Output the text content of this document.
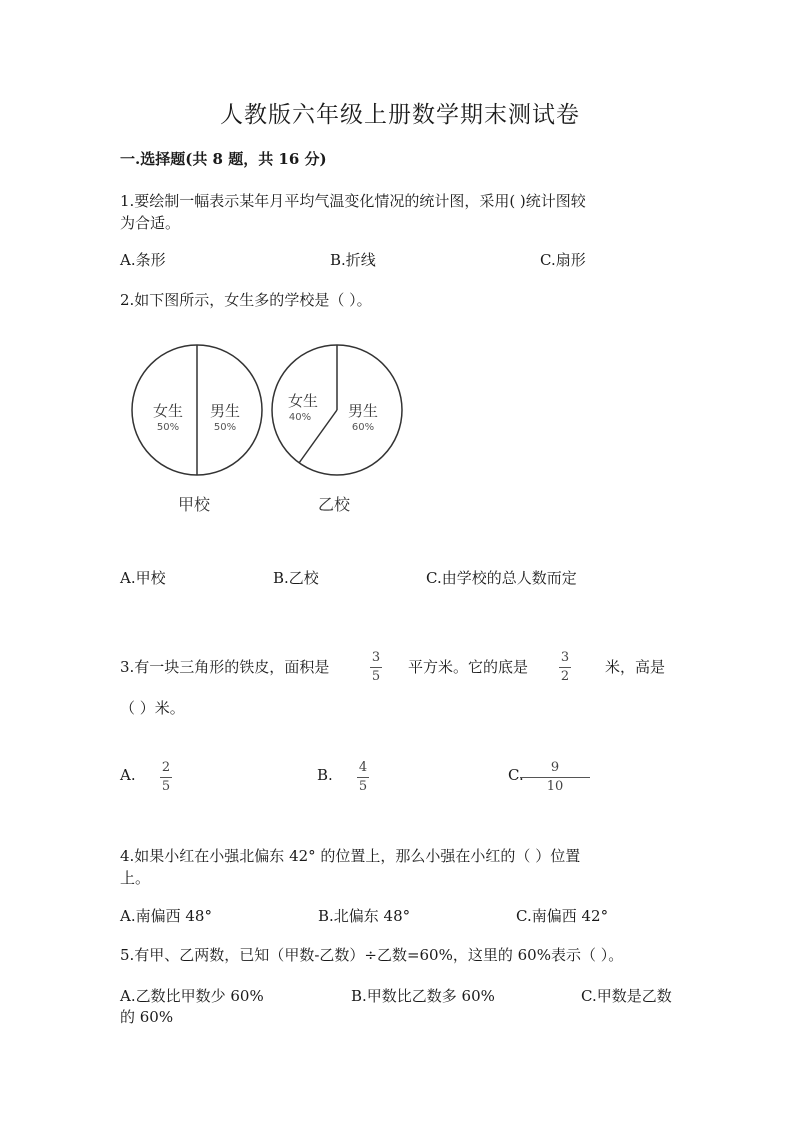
人教版六年级上册数学期末测试卷
一.选择题(共 8 题，共 16 分)
1.要绘制一幅表示某年月平均气温变化情况的统计图，采用( )统计图较
为合适。
A.条形	B.折线	C.扇形
2.如下图所示，女生多的学校是（ ）。
女生
50%
男生
50%
甲校
女生
40% 男生
60%
乙校
A.甲校	B.乙校	C.由学校的总人数而定
3.有一块三角形的铁皮，面积是
3
5
平方米。它的底是
3
2
米，高是
（ ）米。
A. 2
5
B. 4
5
C. 9
10
4.如果小红在小强北偏东 42° 的位置上，那么小强在小红的（ ）位置
上。
A.南偏西 48°	B.北偏东 48°	C.南偏西 42°
5.有甲、乙两数，已知（甲数-乙数）÷乙数=60%，这里的 60%表示（ ）。
A.乙数比甲数少 60%	B.甲数比乙数多 60%	C.甲数是乙数
的 60%
